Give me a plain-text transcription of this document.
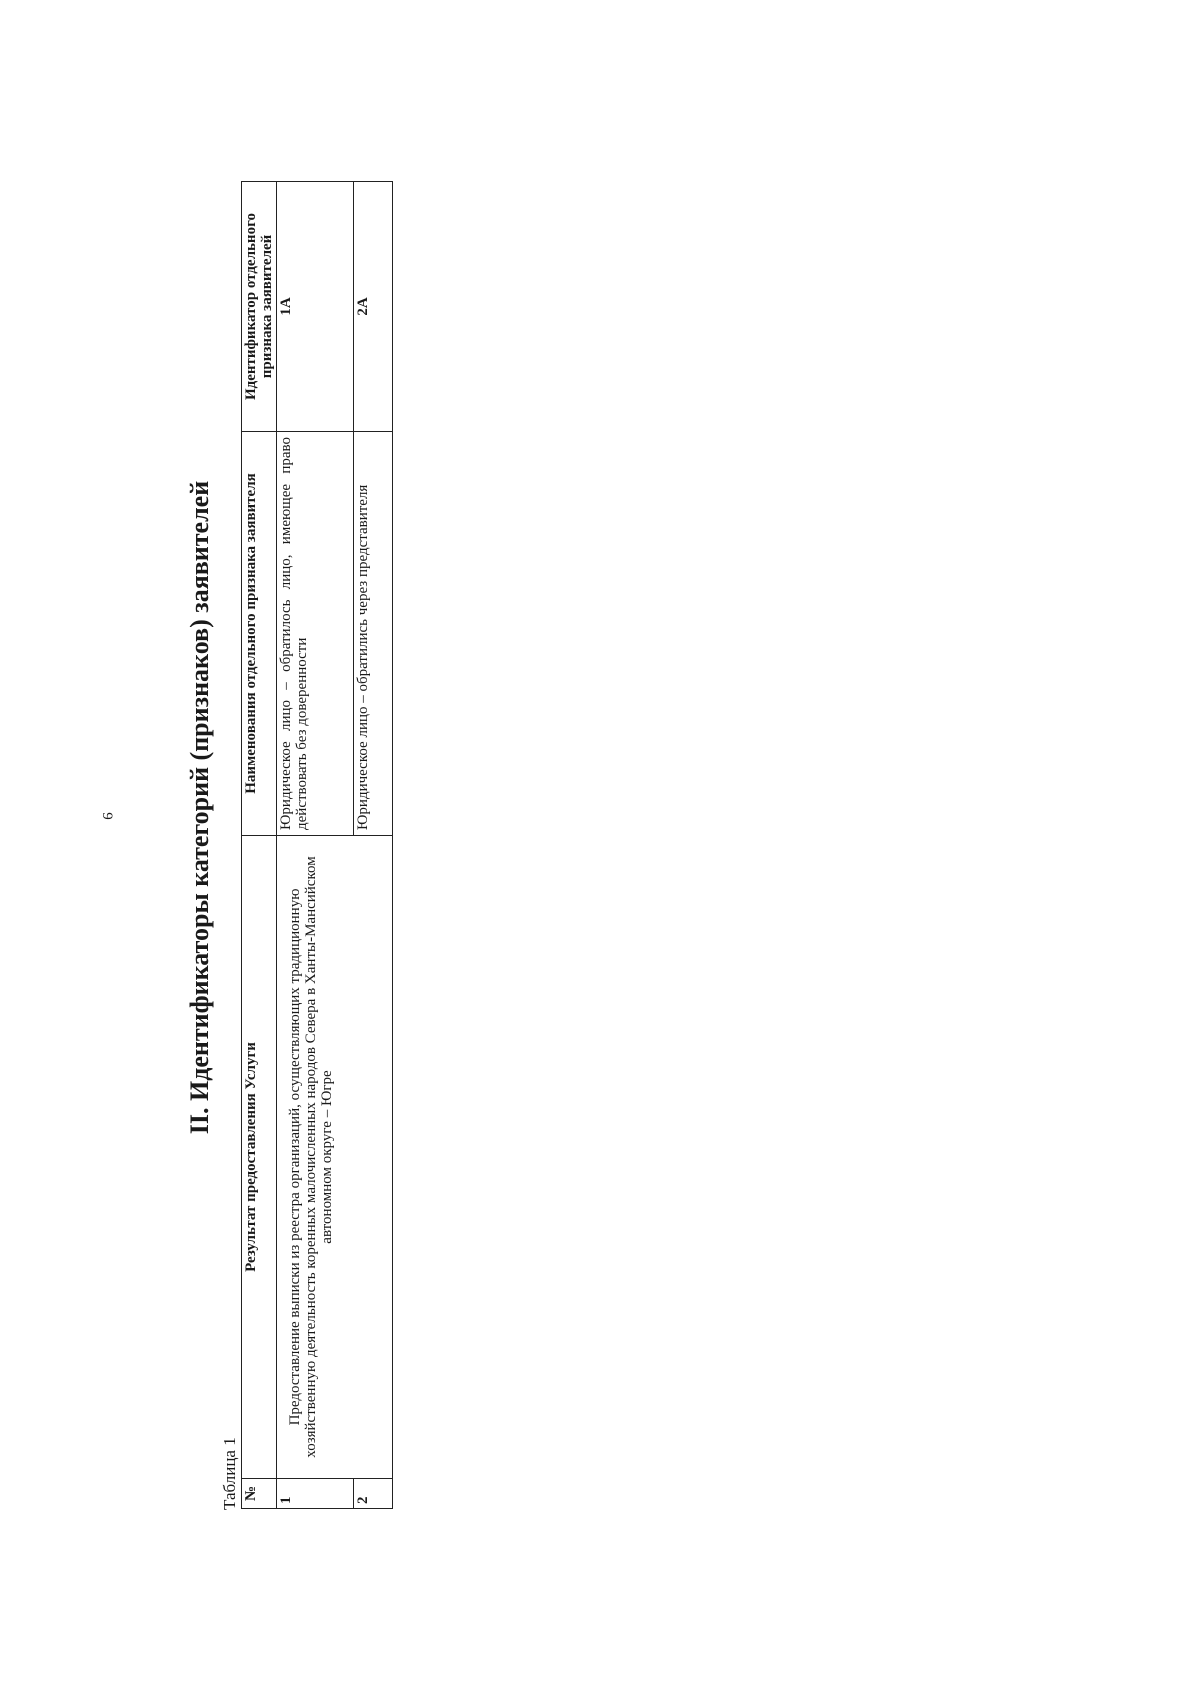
9	II. Идентификаторы категорий (признаков) заявителей
Таблица 1 №	Результат предоставления Услуги	Наименования отдельного признака заявителя	Идентификатор отдельного признака заявителей
1	Предоставление выписки из реестра организаций, осуществляющих традиционную хозяйственную деятельность коренных малочисленных народов Севера в Ханты-Мансийском автономном округе – Югре	Юридическое лицо – обратилось лицо, имеющее право действовать без доверенности	1А
2		Юридическое лицо – обратились через представителя	2А
